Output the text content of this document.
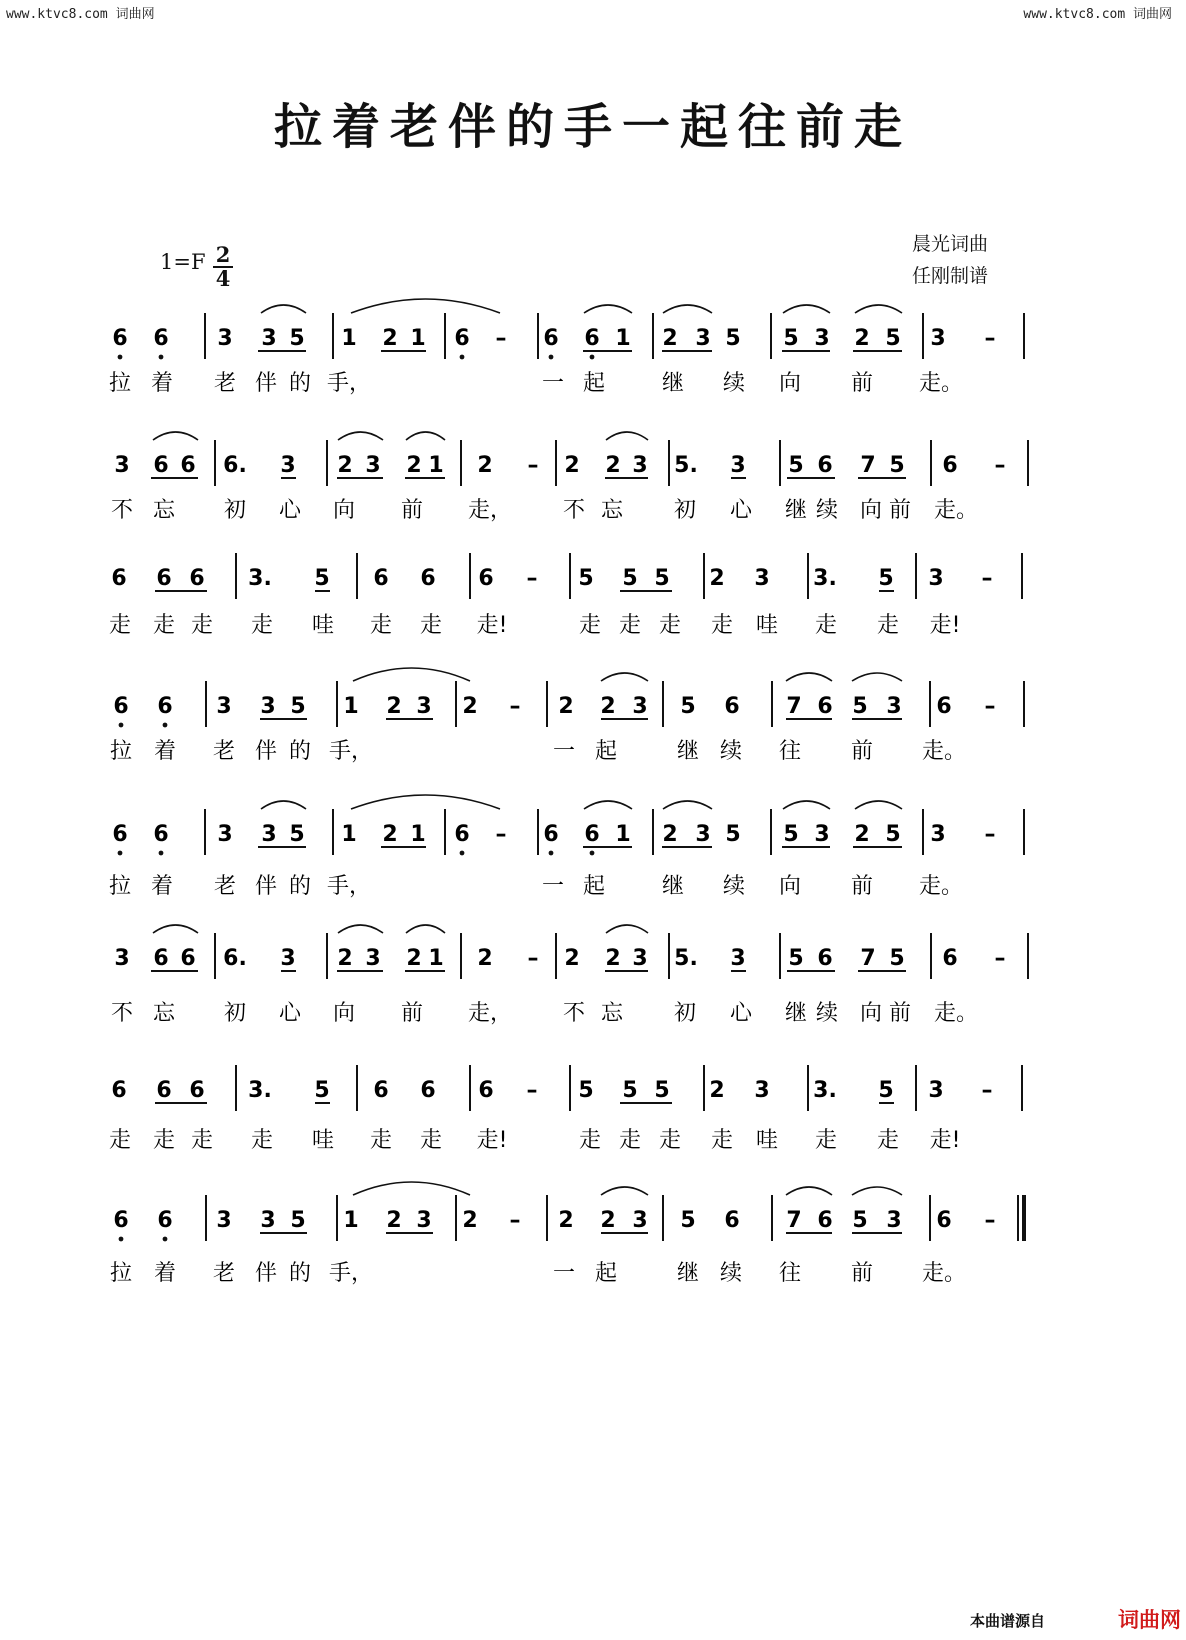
www.ktvc8.com 词曲网	www.ktvc8.com 词曲网
拉着老伴的手一起往前走
晨光词曲
任刚制谱
1=F 2
4
6 6 3 3 5 1 2 1 6 – 6 6 1 2 3 5 5 3 2 5 3 –
拉 着 老 伴 的 手，	一 起	继 续 向 前 走。
3 6 6 6. 3 2 3 2 1 2 – 2 2 3 5. 3 5 6 7 5 6 –
不 忘 初 心 向 前 走， 不 忘 初 心 继 续 向 前 走。
6 6 6 3. 5 6 6 6 – 5 5 5 2 3 3. 5 3 –
走 走 走 走 哇 走 走 走!	走 走 走 走 哇 走 走 走!
6 6 3 3 5 1 2 3 2 – 2 2 3 5 6 7 6 5 3 6 –
拉 着 老 伴 的 手，	一 起	继 续 往 前 走。
6 6 3 3 5 1 2 1 6 – 6 6 1 2 3 5 5 3 2 5 3 –
拉 着 老 伴 的 手，	一 起	继 续 向 前 走。
3 6 6 6. 3 2 3 2 1 2 – 2 2 3 5. 3 5 6 7 5 6 –
不 忘 初 心 向 前 走， 不 忘 初 心 继 续 向 前 走。
6 6 6 3. 5 6 6 6 – 5 5 5 2 3 3. 5 3 –
走 走 走 走 哇 走 走 走!	走 走 走 走 哇 走 走 走!
6 6 3 3 5 1 2 3 2 – 2 2 3 5 6 7 6 5 3 6 –
拉 着 老 伴 的 手，	一 起	继 续 往 前 走。
本曲谱源自	词曲网
